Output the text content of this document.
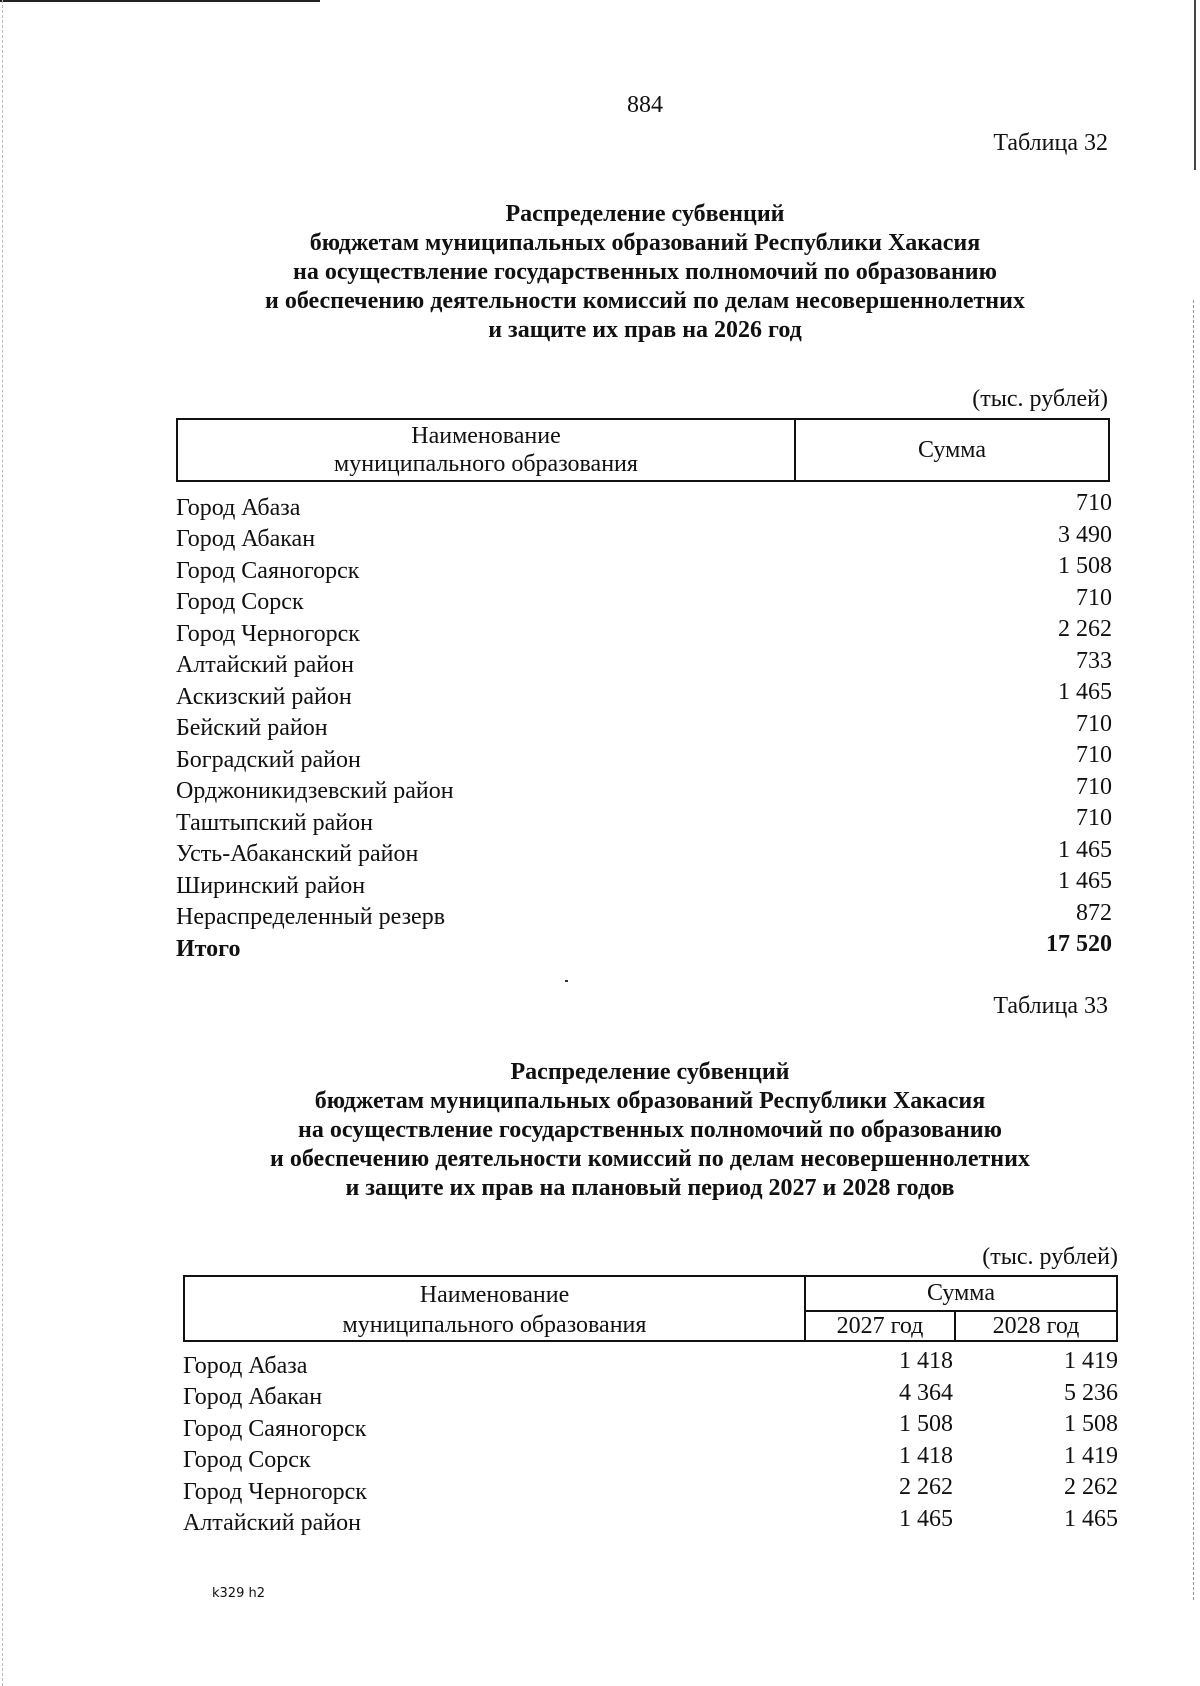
884
Таблица 32
Распределение субвенций
бюджетам муниципальных образований Республики Хакасия
на осуществление государственных полномочий по образованию
и обеспечению деятельности комиссий по делам несовершеннолетних
и защите их прав на 2026 год
(тыс. рублей)
Наименование
муниципального образования
Сумма
Город Абаза	710
Город Абакан	3 490
Город Саяногорск	1 508
Город Сорск	710
Город Черногорск	2 262
Алтайский район	733
Аскизский район	1 465
Бейский район	710
Боградский район	710
Орджоникидзевский район	710
Таштыпский район	710
Усть-Абаканский район	1 465
Ширинский район	1 465
Нераспределенный резерв	872
Итого	17 520
Таблица 33
Распределение субвенций
бюджетам муниципальных образований Республики Хакасия
на осуществление государственных полномочий по образованию
и обеспечению деятельности комиссий по делам несовершеннолетних
и защите их прав на плановый период 2027 и 2028 годов
(тыс. рублей)
Наименование
муниципального образования
Сумма
2027 год	2028 год
Город Абаза	1 418	1 419
Город Абакан	4 364	5 236
Город Саяногорск	1 508	1 508
Город Сорск	1 418	1 419
Город Черногорск	2 262	2 262
Алтайский район	1 465	1 465
k329 h2
